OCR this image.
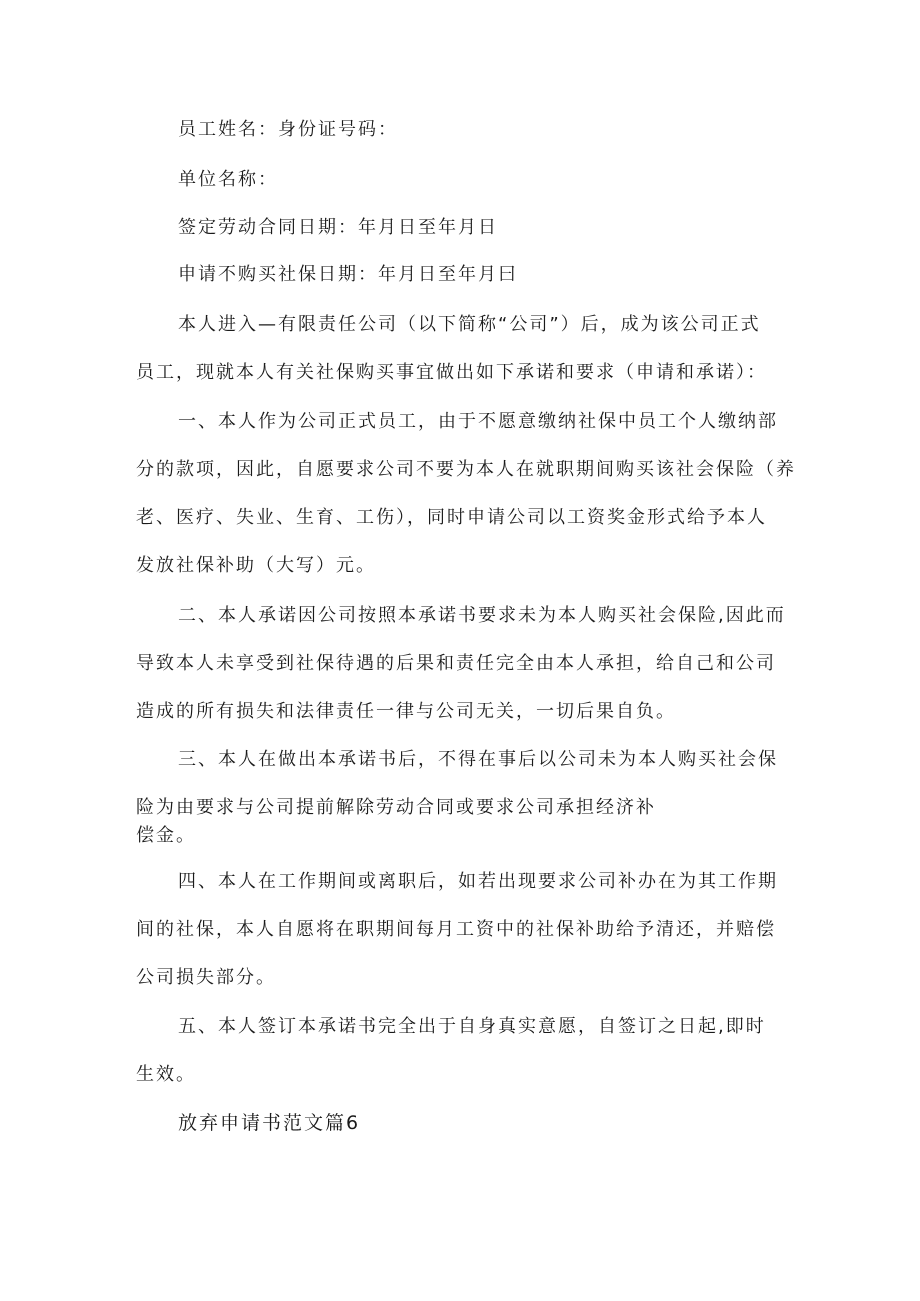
员工姓名：身份证号码：
单位名称：
签定劳动合同日期：年月日至年月日
申请不购买社保日期：年月日至年月曰
本人进入—有限责任公司（以下简称“公司”）后，成为该公司正式
员工，现就本人有关社保购买事宜做出如下承诺和要求（申请和承诺）：
一、本人作为公司正式员工，由于不愿意缴纳社保中员工个人缴纳部
分的款项，因此，自愿要求公司不要为本人在就职期间购买该社会保险（养
老、医疗、失业、生育、工伤），同时申请公司以工资奖金形式给予本人
发放社保补助（大写）元。
二、本人承诺因公司按照本承诺书要求未为本人购买社会保险,因此而
导致本人未享受到社保待遇的后果和责任完全由本人承担，给自己和公司
造成的所有损失和法律责任一律与公司无关，一切后果自负。
三、本人在做出本承诺书后，不得在事后以公司未为本人购买社会保
险为由要求与公司提前解除劳动合同或要求公司承担经济补
偿金。
四、本人在工作期间或离职后，如若出现要求公司补办在为其工作期
间的社保，本人自愿将在职期间每月工资中的社保补助给予清还，并赔偿
公司损失部分。
五、本人签订本承诺书完全出于自身真实意愿，自签订之日起,即时
生效。
放弃申请书范文篇6
